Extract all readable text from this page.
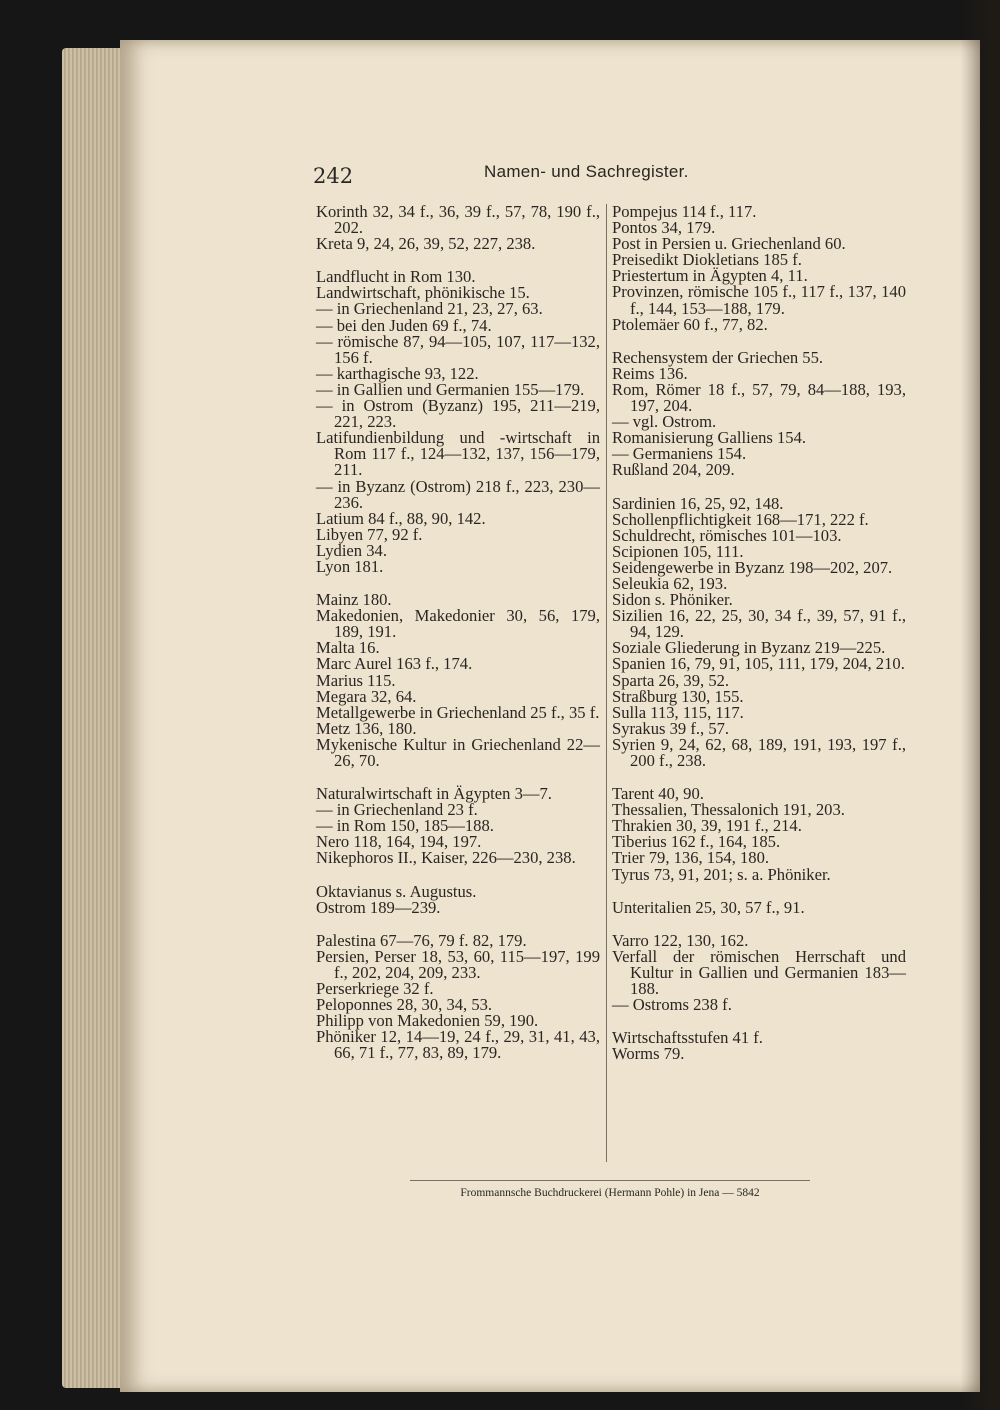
242	Namen- und Sachregister.
Korinth 32, 34 f., 36, 39 f., 57, 78, 190 f., 202.
Kreta 9, 24, 26, 39, 52, 227, 238.
Landflucht in Rom 130.
Landwirtschaft, phönikische 15.
— in Griechenland 21, 23, 27, 63.
— bei den Juden 69 f., 74.
— römische 87, 94—105, 107, 117—132, 156 f.
— karthagische 93, 122.
— in Gallien und Germanien 155—179.
— in Ostrom (Byzanz) 195, 211—219, 221, 223.
Latifundienbildung und -wirtschaft in Rom 117 f., 124—132, 137, 156—179, 211.
— in Byzanz (Ostrom) 218 f., 223, 230—236.
Latium 84 f., 88, 90, 142.
Libyen 77, 92 f.
Lydien 34.
Lyon 181.
Mainz 180.
Makedonien, Makedonier 30, 56, 179, 189, 191.
Malta 16.
Marc Aurel 163 f., 174.
Marius 115.
Megara 32, 64.
Metallgewerbe in Griechenland 25 f., 35 f.
Metz 136, 180.
Mykenische Kultur in Griechenland 22—26, 70.
Naturalwirtschaft in Ägypten 3—7.
— in Griechenland 23 f.
— in Rom 150, 185—188.
Nero 118, 164, 194, 197.
Nikephoros II., Kaiser, 226—230, 238.
Oktavianus s. Augustus.
Ostrom 189—239.
Palestina 67—76, 79 f. 82, 179.
Persien, Perser 18, 53, 60, 115—197, 199 f., 202, 204, 209, 233.
Perserkriege 32 f.
Peloponnes 28, 30, 34, 53.
Philipp von Makedonien 59, 190.
Phöniker 12, 14—19, 24 f., 29, 31, 41, 43, 66, 71 f., 77, 83, 89, 179.
Pompejus 114 f., 117.
Pontos 34, 179.
Post in Persien u. Griechenland 60.
Preisedikt Diokletians 185 f.
Priestertum in Ägypten 4, 11.
Provinzen, römische 105 f., 117 f., 137, 140 f., 144, 153—188, 179.
Ptolemäer 60 f., 77, 82.
Rechensystem der Griechen 55.
Reims 136.
Rom, Römer 18 f., 57, 79, 84—188, 193, 197, 204.
— vgl. Ostrom.
Romanisierung Galliens 154.
— Germaniens 154.
Rußland 204, 209.
Sardinien 16, 25, 92, 148.
Schollenpflichtigkeit 168—171, 222 f.
Schuldrecht, römisches 101—103.
Scipionen 105, 111.
Seidengewerbe in Byzanz 198—202, 207.
Seleukia 62, 193.
Sidon s. Phöniker.
Sizilien 16, 22, 25, 30, 34 f., 39, 57, 91 f., 94, 129.
Soziale Gliederung in Byzanz 219—225.
Spanien 16, 79, 91, 105, 111, 179, 204, 210.
Sparta 26, 39, 52.
Straßburg 130, 155.
Sulla 113, 115, 117.
Syrakus 39 f., 57.
Syrien 9, 24, 62, 68, 189, 191, 193, 197 f., 200 f., 238.
Tarent 40, 90.
Thessalien, Thessalonich 191, 203.
Thrakien 30, 39, 191 f., 214.
Tiberius 162 f., 164, 185.
Trier 79, 136, 154, 180.
Tyrus 73, 91, 201; s. a. Phöniker.
Unteritalien 25, 30, 57 f., 91.
Varro 122, 130, 162.
Verfall der römischen Herrschaft und Kultur in Gallien und Germanien 183—188.
— Ostroms 238 f.
Wirtschaftsstufen 41 f.
Worms 79.
Frommannsche Buchdruckerei (Hermann Pohle) in Jena — 5842
